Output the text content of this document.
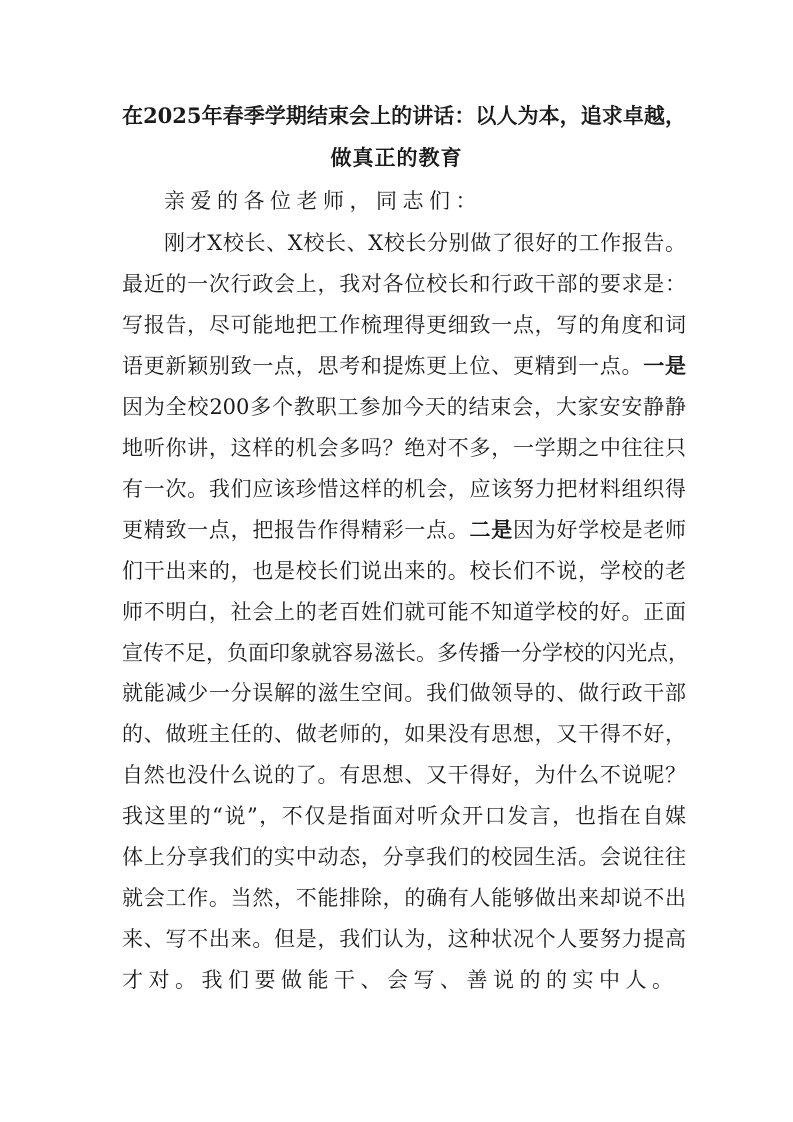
在2025年春季学期结束会上的讲话：以人为本，追求卓越，
做真正的教育
亲爱的各位老师，同志们：
刚才X校长、X校长、X校长分别做了很好的工作报告。
最近的一次行政会上，我对各位校长和行政干部的要求是：
写报告，尽可能地把工作梳理得更细致一点，写的角度和词
语更新颖别致一点，思考和提炼更上位、更精到一点。一是
因为全校200多个教职工参加今天的结束会，大家安安静静
地听你讲，这样的机会多吗？绝对不多，一学期之中往往只
有一次。我们应该珍惜这样的机会，应该努力把材料组织得
更精致一点，把报告作得精彩一点。二是因为好学校是老师
们干出来的，也是校长们说出来的。校长们不说，学校的老
师不明白，社会上的老百姓们就可能不知道学校的好。正面
宣传不足，负面印象就容易滋长。多传播一分学校的闪光点，
就能减少一分误解的滋生空间。我们做领导的、做行政干部
的、做班主任的、做老师的，如果没有思想，又干得不好，
自然也没什么说的了。有思想、又干得好，为什么不说呢？
我这里的“说”，不仅是指面对听众开口发言，也指在自媒
体上分享我们的实中动态，分享我们的校园生活。会说往往
就会工作。当然，不能排除，的确有人能够做出来却说不出
来、写不出来。但是，我们认为，这种状况个人要努力提高
才对。我们要做能干、会写、善说的的实中人。
